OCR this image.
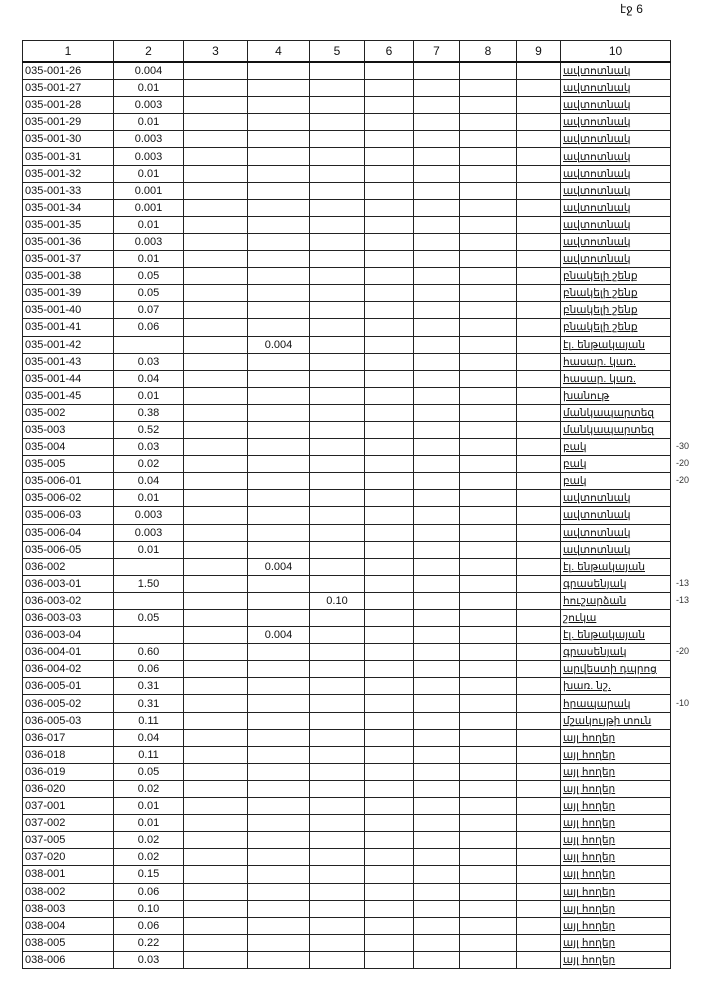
էջ 6
1	2	3	4	5	6	7	8	9	10
035-001-26	0.004								ավտոտնակ
035-001-27	0.01								ավտոտնակ
035-001-28	0.003								ավտոտնակ
035-001-29	0.01								ավտոտնակ
035-001-30	0.003								ավտոտնակ
035-001-31	0.003								ավտոտնակ
035-001-32	0.01								ավտոտնակ
035-001-33	0.001								ավտոտնակ
035-001-34	0.001								ավտոտնակ
035-001-35	0.01								ավտոտնակ
035-001-36	0.003								ավտոտնակ
035-001-37	0.01								ավտոտնակ
035-001-38	0.05								բնակելի շենք
035-001-39	0.05								բնակելի շենք
035-001-40	0.07								բնակելի շենք
035-001-41	0.06								բնակելի շենք
035-001-42			0.004						էլ. ենթակայան
035-001-43	0.03								հասար. կառ.
035-001-44	0.04								հասար. կառ.
035-001-45	0.01								խանութ
035-002	0.38								մանկապարտեզ
035-003	0.52								մանկապարտեզ
035-004	0.03								բակ
035-005	0.02								բակ
035-006-01	0.04								բակ
035-006-02	0.01								ավտոտնակ
035-006-03	0.003								ավտոտնակ
035-006-04	0.003								ավտոտնակ
035-006-05	0.01								ավտոտնակ
036-002			0.004						էլ. ենթակայան
036-003-01	1.50								գրասենյակ
036-003-02				0.10					հուշարձան
036-003-03	0.05								շուկա
036-003-04			0.004						էլ. ենթակայան
036-004-01	0.60								գրասենյակ
036-004-02	0.06								արվեստի դպրոց
036-005-01	0.31								խառ. նշ.
036-005-02	0.31								հրապարակ
036-005-03	0.11								մշակույթի տուն
036-017	0.04								այլ հողեր
036-018	0.11								այլ հողեր
036-019	0.05								այլ հողեր
036-020	0.02								այլ հողեր
037-001	0.01								այլ հողեր
037-002	0.01								այլ հողեր
037-005	0.02								այլ հողեր
037-020	0.02								այլ հողեր
038-001	0.15								այլ հողեր
038-002	0.06								այլ հողեր
038-003	0.10								այլ հողեր
038-004	0.06								այլ հողեր
038-005	0.22								այլ հողեր
038-006	0.03								այլ հողեր
-30
-20
-20
-13
-13
-20
-10
